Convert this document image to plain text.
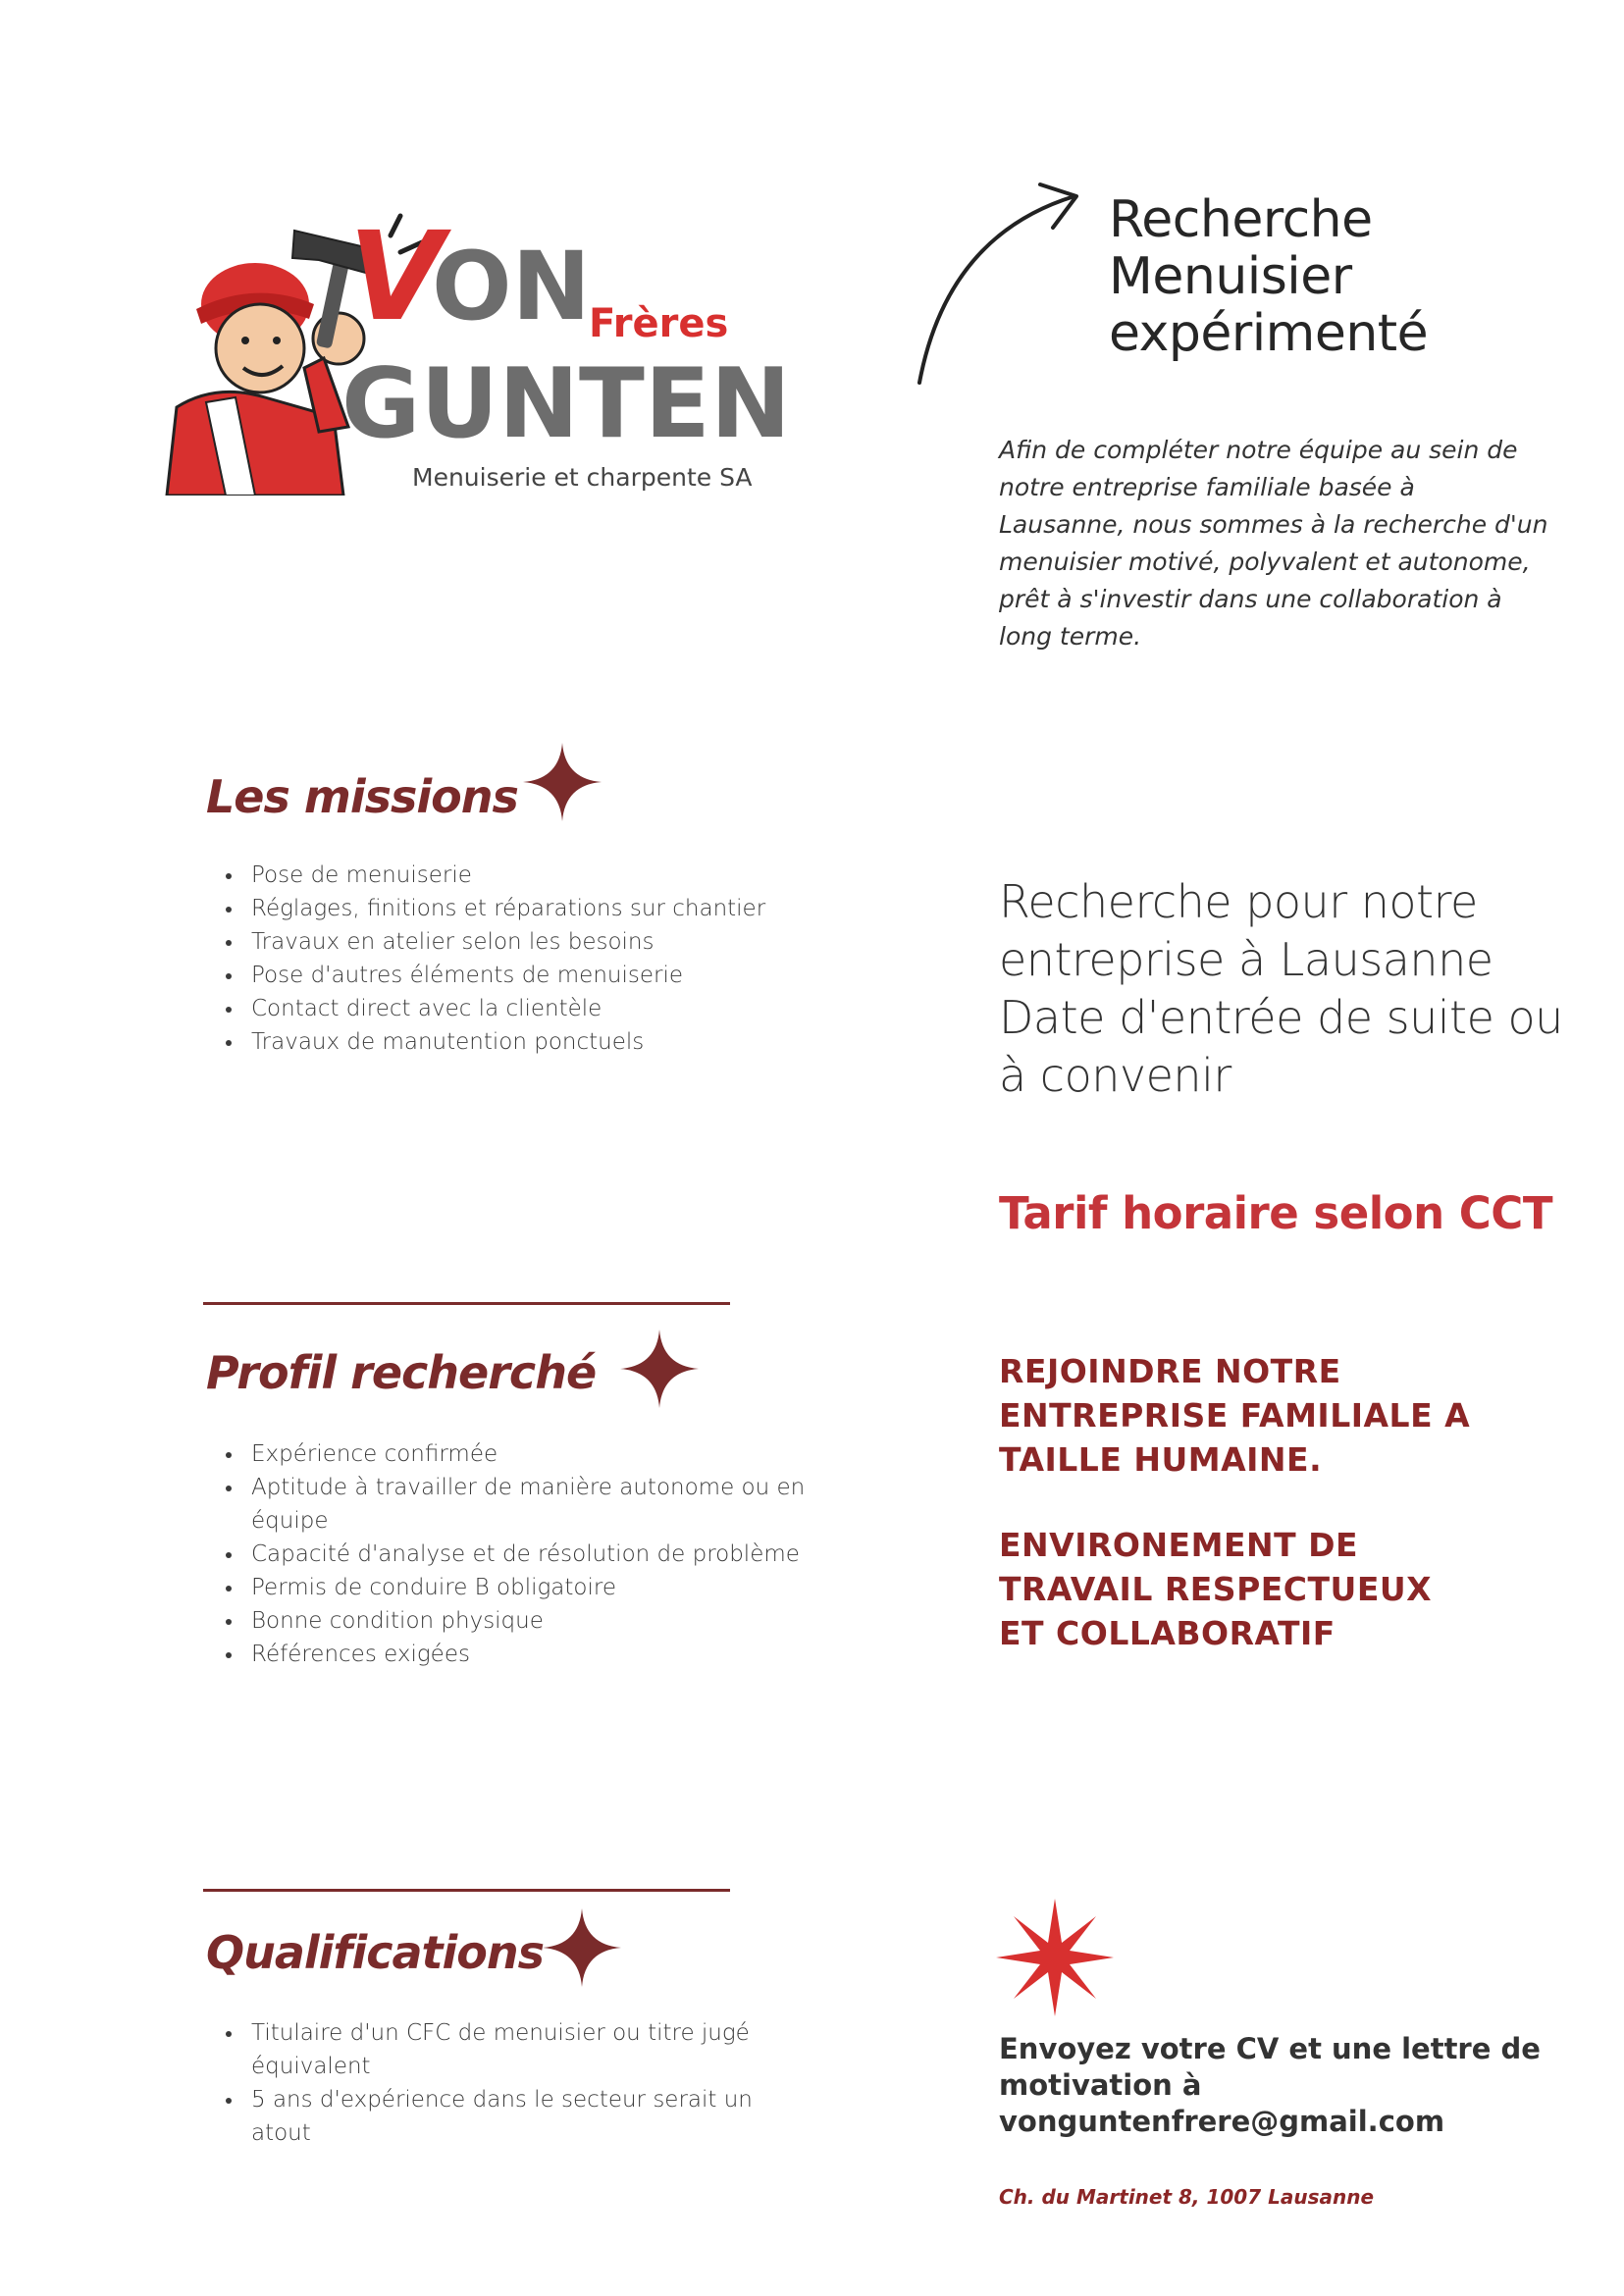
V
ON
Frères
GUNTEN
Menuiserie et charpente SA
Recherche
Menuisier
expérimenté
Afin de compléter notre équipe au sein de notre entreprise familiale basée à Lausanne, nous sommes à la recherche d'un menuisier motivé, polyvalent et autonome, prêt à s'investir dans une collaboration à long terme.
Les missions
Pose de menuiserie
Réglages, finitions et réparations sur chantier
Travaux en atelier selon les besoins
Pose d'autres éléments de menuiserie
Contact direct avec la clientèle
Travaux de manutention ponctuels
Profil recherché
Expérience confirmée
Aptitude à travailler de manière autonome ou en équipe
Capacité d'analyse et de résolution de problème
Permis de conduire B obligatoire
Bonne condition physique
Références exigées
Qualifications
Titulaire d'un CFC de menuisier ou titre jugé équivalent
5 ans d'expérience dans le secteur serait un atout
Recherche pour notre
entreprise à Lausanne
Date d'entrée de suite ou
à convenir
Tarif horaire selon CCT
REJOINDRE NOTRE
ENTREPRISE FAMILIALE A
TAILLE HUMAINE.
ENVIRONEMENT DE
TRAVAIL RESPECTUEUX
ET COLLABORATIF
Envoyez votre CV et une lettre de
motivation à
vonguntenfrere@gmail.com
Ch. du Martinet 8, 1007 Lausanne
